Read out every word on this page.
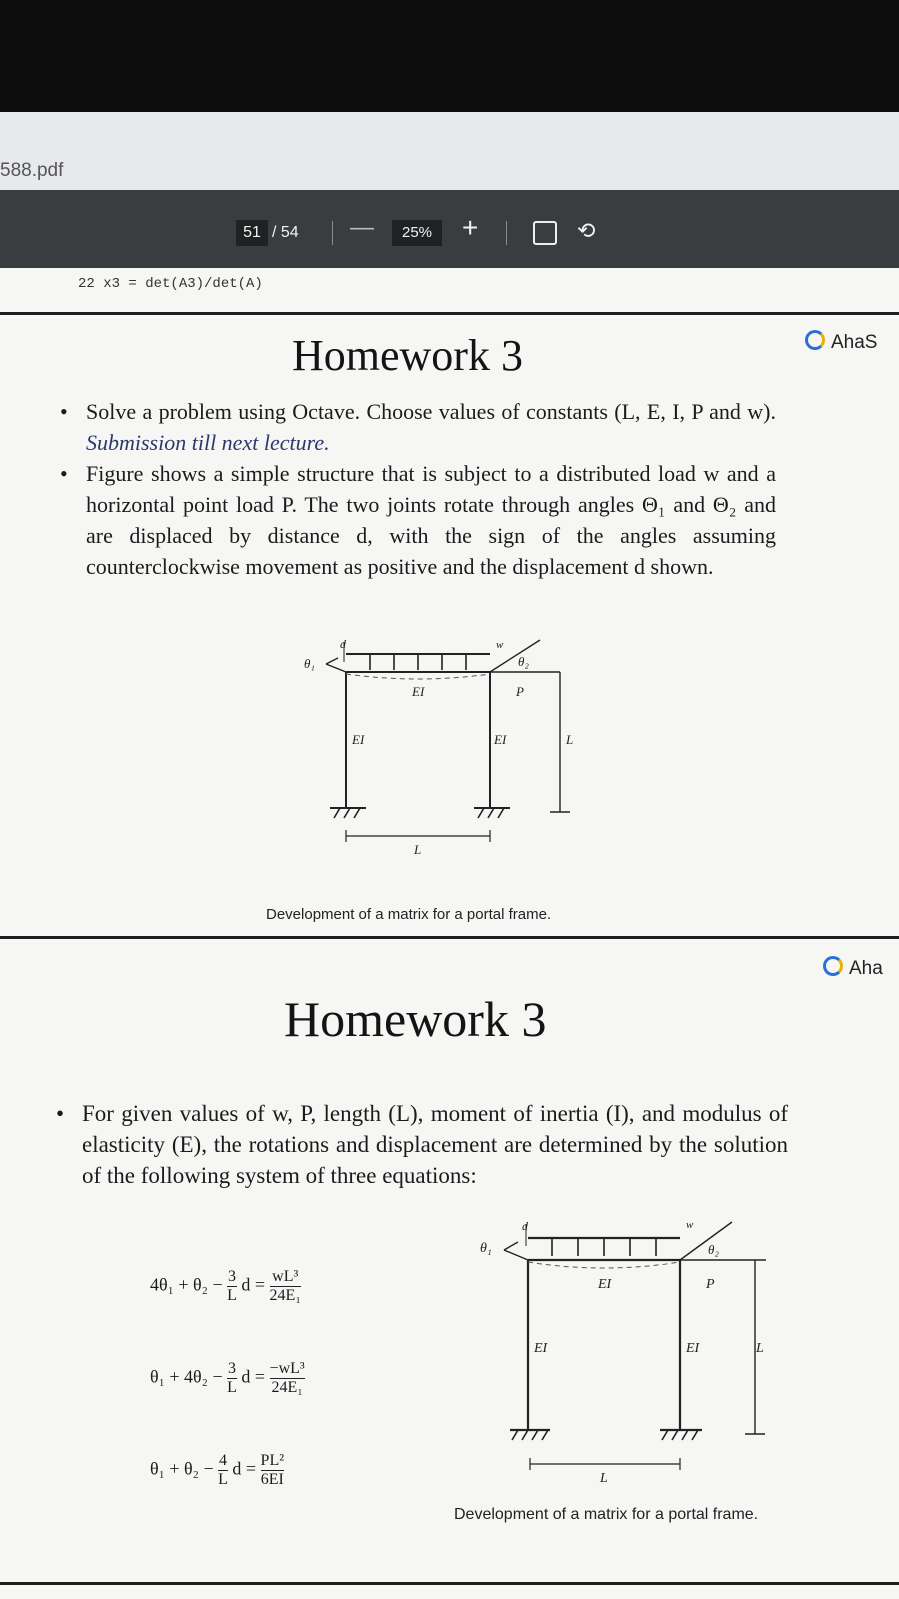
588.pdf
51 / 54 —	25%	+	⟲
22 x3 = det(A3)/det(A)
AhaS
Homework 3
• Solve a problem using Octave. Choose values of constants (L, E, I, P and w). Submission till next lecture.
• Figure shows a simple structure that is subject to a distributed load w and a horizontal point load P. The two joints rotate through angles Θ₁ and Θ₂ and are displaced by distance d, with the sign of the angles assuming counterclockwise movement as positive and the displacement d shown.
θ₁
d	w
θ₂
EI	P
EI	EI	L
L
Development of a matrix for a portal frame.
Aha
Homework 3
• For given values of w, P, length (L), moment of inertia (I), and modulus of elasticity (E), the rotations and displacement are determined by the solution of the following system of three equations:
$4\theta_1 + \theta_2 - \frac{3}{L}$ $d = \frac{\text{wL³}}{\text{24E₁}}$
$\theta_1 + 4\theta_2 - \frac{3}{L}$ $d = \frac{\text{−wL³}}{\text{24E₁}}$
$\theta_1 + \theta_2 - \frac{4}{L}$ $d = \frac{\text{PL²}}{6EI}$
θ₁
d	w
θ₂
EI	P
EI	EI	L
L
Development of a matrix for a portal frame.
